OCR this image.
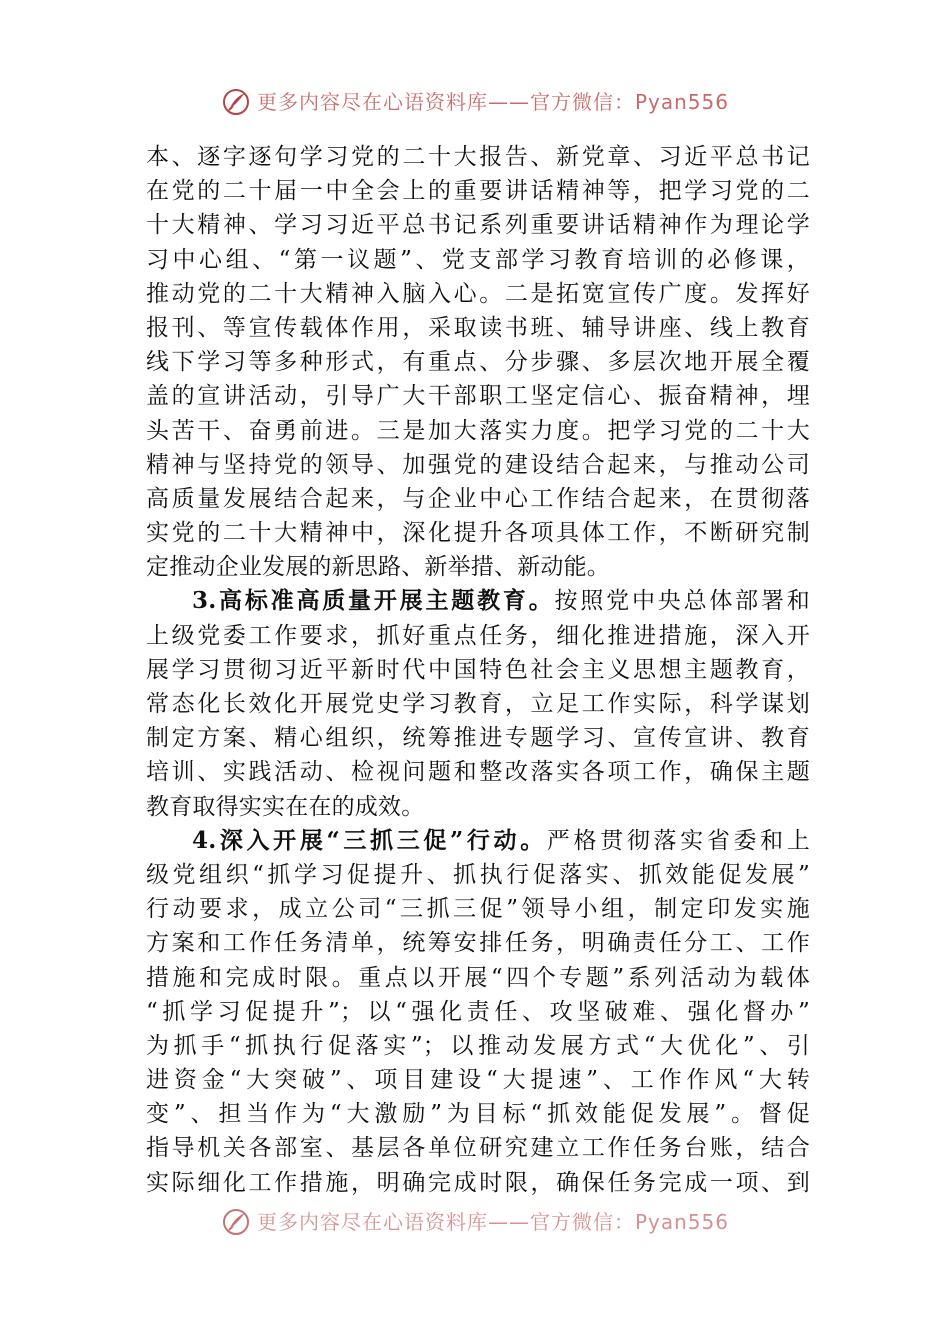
更多内容尽在心语资料库——官方微信：Pyan556
本、逐字逐句学习党的二十大报告、新党章、习近平总书记
在党的二十届一中全会上的重要讲话精神等，把学习党的二
十大精神、学习习近平总书记系列重要讲话精神作为理论学
习中心组、“第一议题”、党支部学习教育培训的必修课，
推动党的二十大精神入脑入心。二是拓宽宣传广度。发挥好
报刊、等宣传载体作用，采取读书班、辅导讲座、线上教育
线下学习等多种形式，有重点、分步骤、多层次地开展全覆
盖的宣讲活动，引导广大干部职工坚定信心、振奋精神，埋
头苦干、奋勇前进。三是加大落实力度。把学习党的二十大
精神与坚持党的领导、加强党的建设结合起来，与推动公司
高质量发展结合起来，与企业中心工作结合起来，在贯彻落
实党的二十大精神中，深化提升各项具体工作，不断研究制
定推动企业发展的新思路、新举措、新动能。
3.高标准高质量开展主题教育。按照党中央总体部署和
上级党委工作要求，抓好重点任务，细化推进措施，深入开
展学习贯彻习近平新时代中国特色社会主义思想主题教育，
常态化长效化开展党史学习教育，立足工作实际，科学谋划
制定方案、精心组织，统筹推进专题学习、宣传宣讲、教育
培训、实践活动、检视问题和整改落实各项工作，确保主题
教育取得实实在在的成效。
4.深入开展“三抓三促”行动。严格贯彻落实省委和上
级党组织“抓学习促提升、抓执行促落实、抓效能促发展”
行动要求，成立公司“三抓三促”领导小组，制定印发实施
方案和工作任务清单，统筹安排任务，明确责任分工、工作
措施和完成时限。重点以开展“四个专题”系列活动为载体
“抓学习促提升”；以“强化责任、攻坚破难、强化督办”
为抓手“抓执行促落实”；以推动发展方式“大优化”、引
进资金“大突破”、项目建设“大提速”、工作作风“大转
变”、担当作为“大激励”为目标“抓效能促发展”。督促
指导机关各部室、基层各单位研究建立工作任务台账，结合
实际细化工作措施，明确完成时限，确保任务完成一项、到
更多内容尽在心语资料库——官方微信：Pyan556
